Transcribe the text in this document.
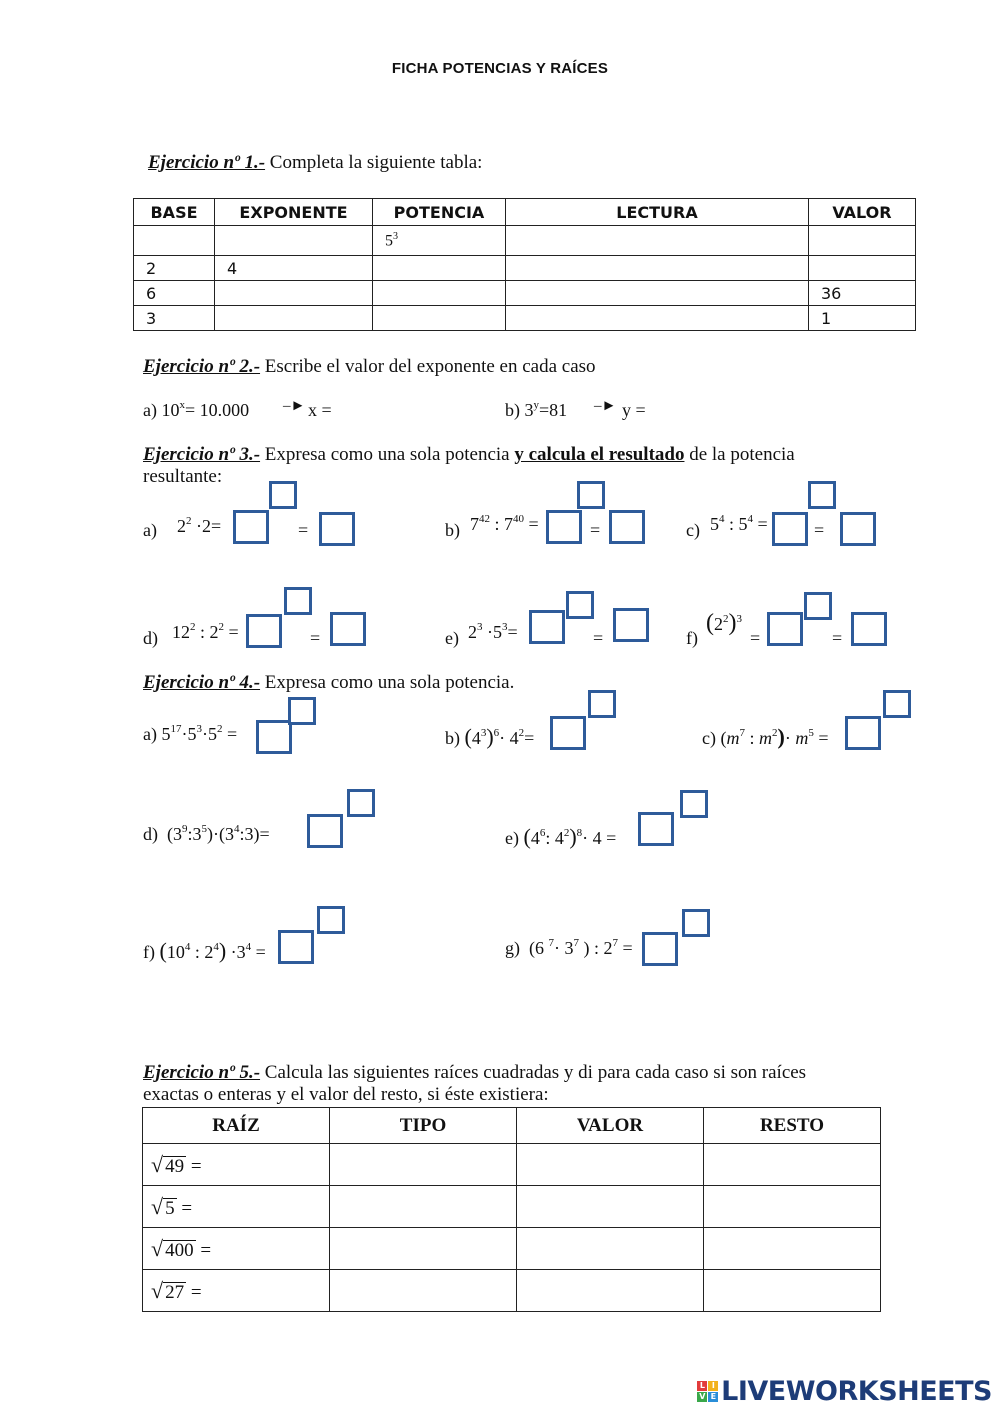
FICHA POTENCIAS Y RAÍCES
Ejercicio nº 1.- Completa la siguiente tabla:
BASE	EXPONENTE	POTENCIA	LECTURA	VALOR
		$5^3$		
2	4			
6				36
3				1
Ejercicio nº 2.- Escribe el valor del exponente en cada caso
a) $10^x= 10.000$ ‒► x =	b) $3^y=81$ ‒► y =
Ejercicio nº 3.- Expresa como una sola potencia y calcula el resultado de la potencia
resultante:
a) $2^2 \cdot 2=$	=	b) $7^{42}$ : $7^{40}$ =	=	c) $5^4$ : $5^4$ =	=
d) $12^2$ : $2^2$ =	=	e) $2^3 \cdot 5^3=$	=	f)
$(2^2)^3$
=	=
Ejercicio nº 4.- Expresa como una sola potencia.
a) $5^{17}\cdot 5^3\cdot 5^2$ =	b) $(4^3)^6\cdot 4^2=$	c) ($m^7$ : $m^2)\cdot m^5$ =
d)  $(3^9:3^5)\cdot(3^4:3)=$	e) ($4^6$: $4^2)^8\cdot 4$ =
f) ($10^4$ : $2^4) \cdot 3^4$ =	g)  (6 $^7\cdot 3^7$ ) : $2^7$ =
Ejercicio nº 5.- Calcula las siguientes raíces cuadradas y di para cada caso si son raíces
exactas o enteras y el valor del resto, si éste existiera:
RAÍZ	TIPO	VALOR	RESTO
√ 49 =			
√ 5 =			
√ 400 =			
√ 27 =			
L I
V E LIVEWORKSHEETS
